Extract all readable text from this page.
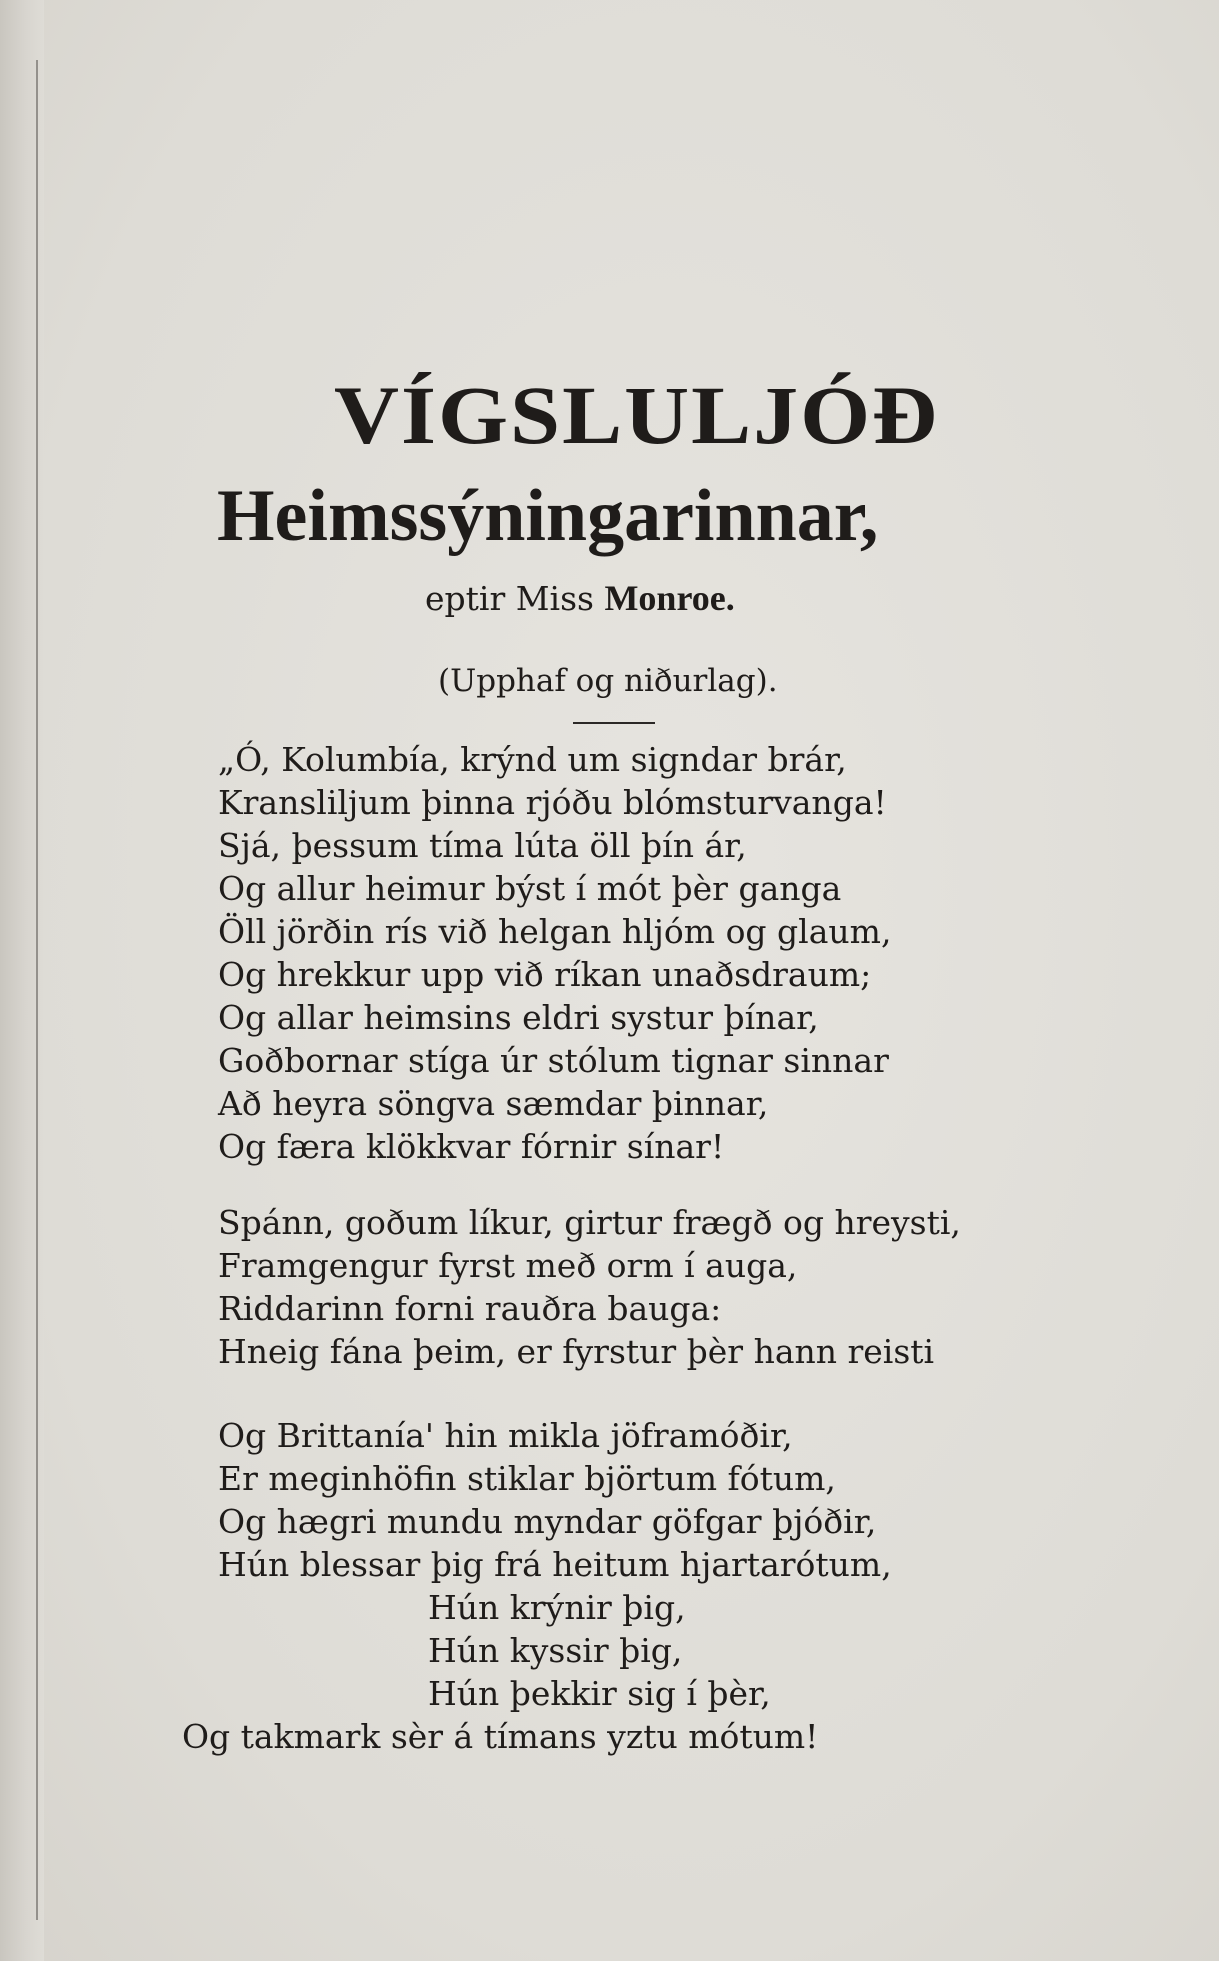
VÍGSLULJÓÐ
Heimssýningarinnar,
eptir Miss Monroe.
(Upphaf og niðurlag).
„Ó, Kolumbía, krýnd um signdar brár,
Kransliljum þinna rjóðu blómsturvanga!
Sjá, þessum tíma lúta öll þín ár,
Og allur heimur býst í mót þèr ganga
Öll jörðin rís við helgan hljóm og glaum,
Og hrekkur upp við ríkan unaðsdraum;
Og allar heimsins eldri systur þínar,
Goðbornar stíga úr stólum tignar sinnar
Að heyra söngva sæmdar þinnar,
Og færa klökkvar fórnir sínar!
Spánn, goðum líkur, girtur frægð og hreysti,
Framgengur fyrst með orm í auga,
Riddarinn forni rauðra bauga:
Hneig fána þeim, er fyrstur þèr hann reisti
Og Brittanía' hin mikla jöframóðir,
Er meginhöfin stiklar björtum fótum,
Og hægri mundu myndar göfgar þjóðir,
Hún blessar þig frá heitum hjartarótum,
Hún krýnir þig,
Hún kyssir þig,
Hún þekkir sig í þèr,
Og takmark sèr á tímans yztu mótum!
